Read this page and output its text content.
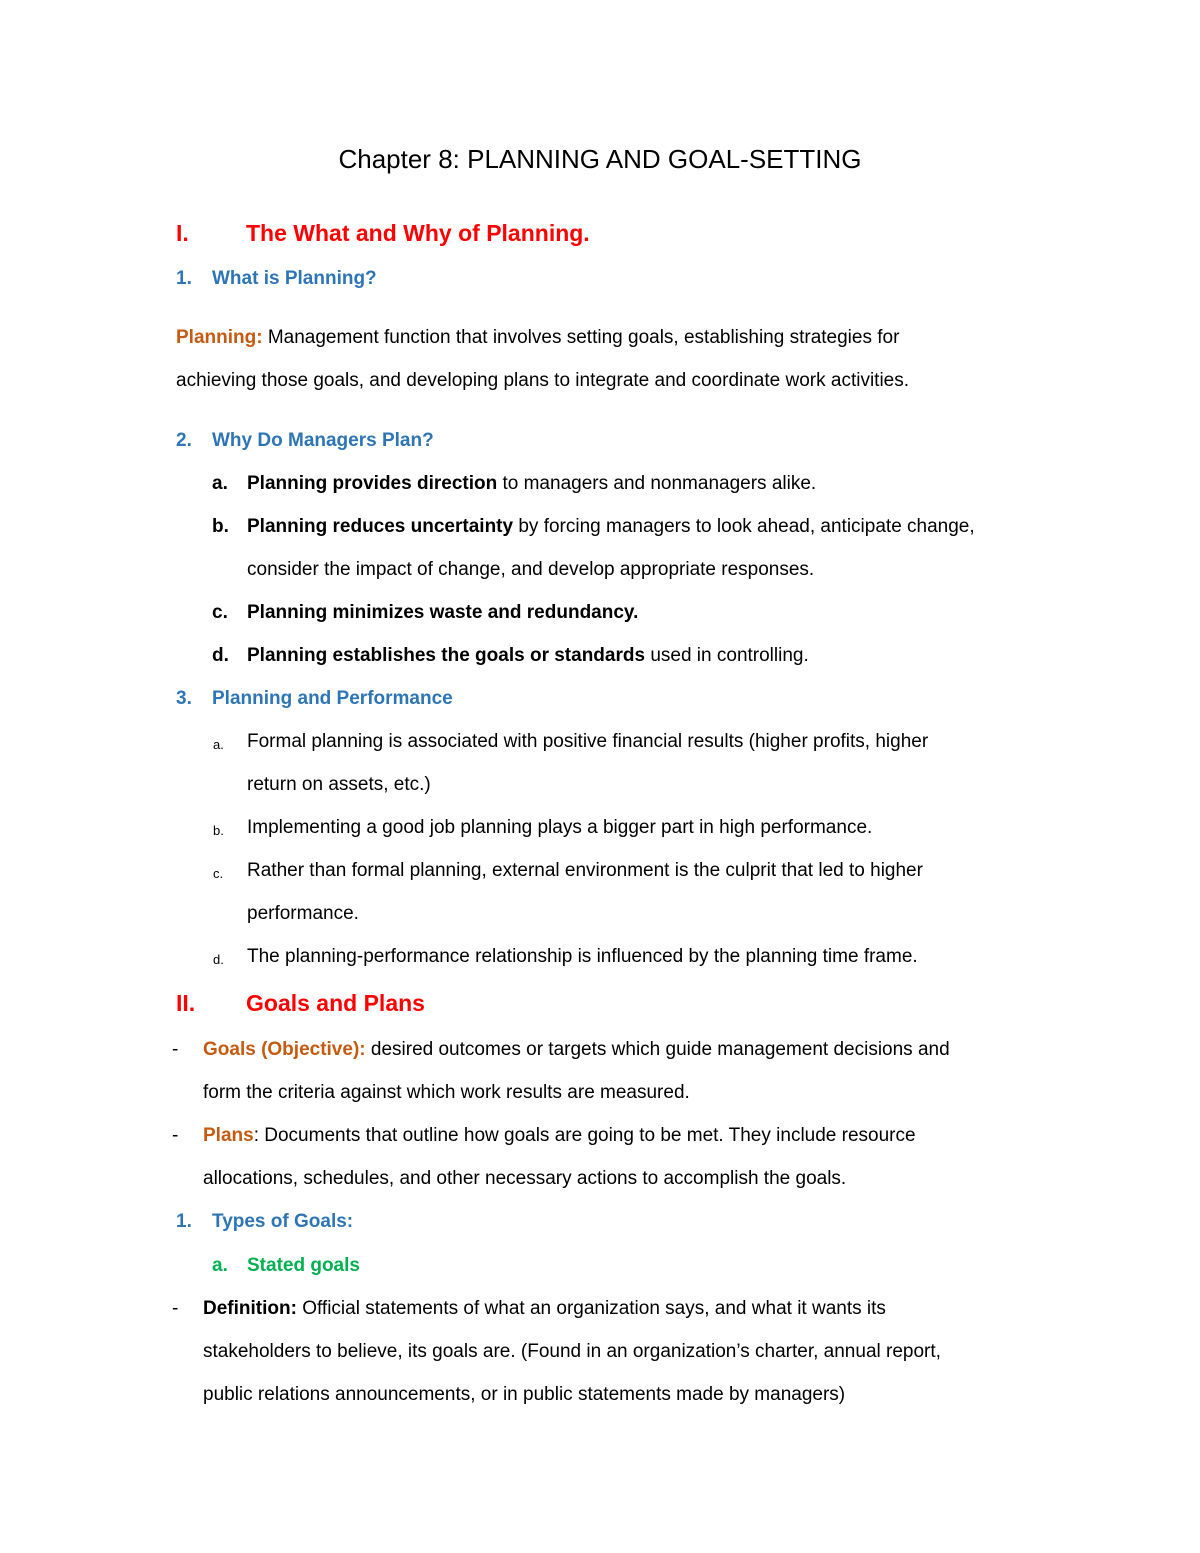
Chapter 8: PLANNING AND GOAL-SETTING
I. The What and Why of Planning.
1. What is Planning?
Planning: Management function that involves setting goals, establishing strategies for
achieving those goals, and developing plans to integrate and coordinate work activities.
2. Why Do Managers Plan?
a. Planning provides direction to managers and nonmanagers alike.
b. Planning reduces uncertainty by forcing managers to look ahead, anticipate change,
consider the impact of change, and develop appropriate responses.
c. Planning minimizes waste and redundancy.
d. Planning establishes the goals or standards used in controlling.
3. Planning and Performance
a. Formal planning is associated with positive financial results (higher profits, higher
return on assets, etc.)
b. Implementing a good job planning plays a bigger part in high performance.
c. Rather than formal planning, external environment is the culprit that led to higher
performance.
d. The planning-performance relationship is influenced by the planning time frame.
II. Goals and Plans
- Goals (Objective): desired outcomes or targets which guide management decisions and
form the criteria against which work results are measured.
- Plans: Documents that outline how goals are going to be met. They include resource
allocations, schedules, and other necessary actions to accomplish the goals.
1. Types of Goals:
a. Stated goals
- Definition: Official statements of what an organization says, and what it wants its
stakeholders to believe, its goals are. (Found in an organization’s charter, annual report,
public relations announcements, or in public statements made by managers)
